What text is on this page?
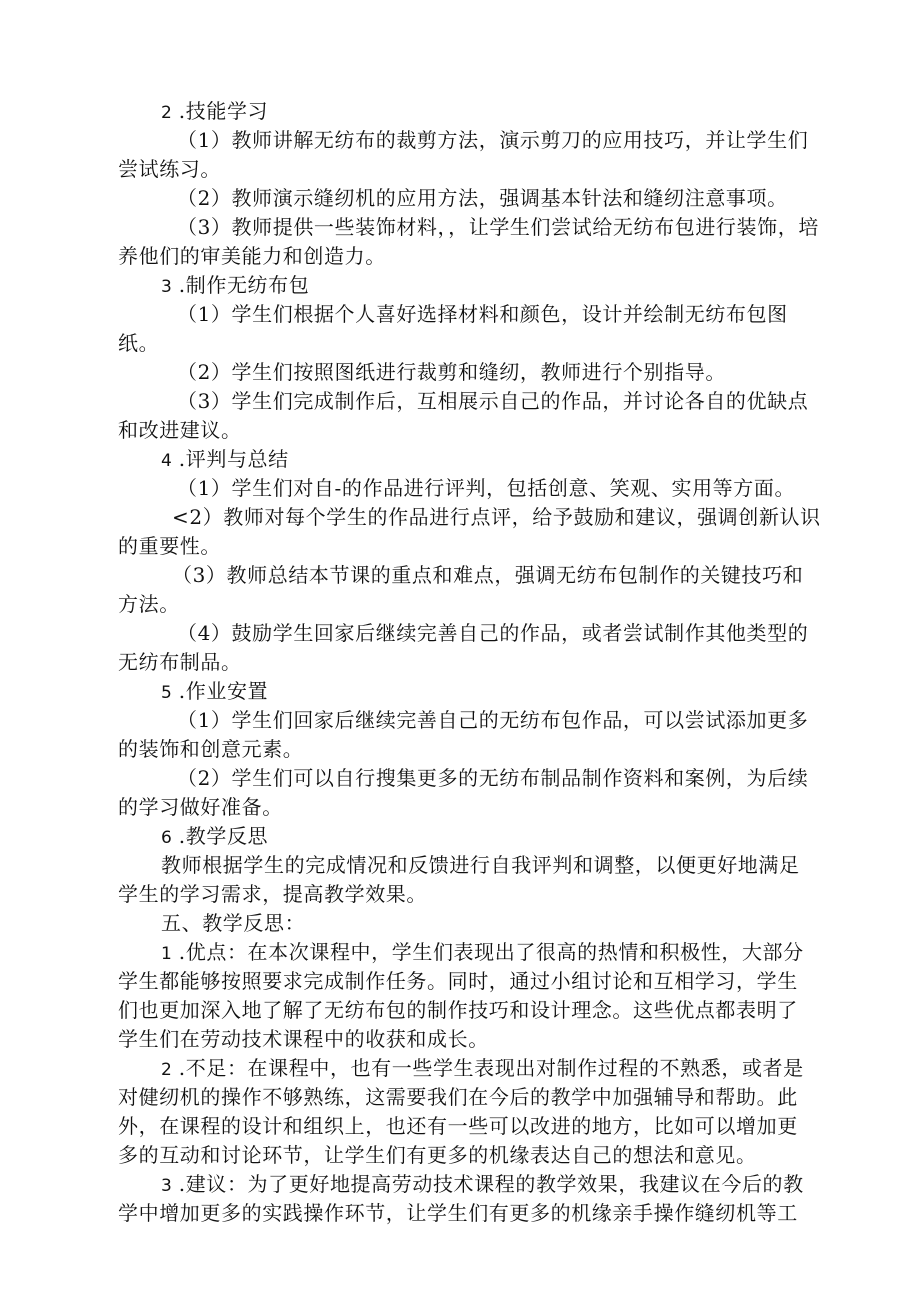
2 .技能学习
（1）教师讲解无纺布的裁剪方法，演示剪刀的应用技巧，并让学生们
尝试练习。
（2）教师演示缝纫机的应用方法，强调基本针法和缝纫注意事项。
（3）教师提供一些装饰材料，，让学生们尝试给无纺布包进行装饰，培
养他们的审美能力和创造力。
3 .制作无纺布包
（1）学生们根据个人喜好选择材料和颜色，设计并绘制无纺布包图
纸。
（2）学生们按照图纸进行裁剪和缝纫，教师进行个别指导。
（3）学生们完成制作后，互相展示自己的作品，并讨论各自的优缺点
和改进建议。
4 .评判与总结
（1）学生们对自-的作品进行评判，包括创意、笑观、实用等方面。
<2）教师对每个学生的作品进行点评，给予鼓励和建议，强调创新认识
的重要性。
（3）教师总结本节课的重点和难点，强调无纺布包制作的关键技巧和
方法。
（4）鼓励学生回家后继续完善自己的作品，或者尝试制作其他类型的
无纺布制品。
5 .作业安置
（1）学生们回家后继续完善自己的无纺布包作品，可以尝试添加更多
的装饰和创意元素。
（2）学生们可以自行搜集更多的无纺布制品制作资料和案例，为后续
的学习做好准备。
6 .教学反思
教师根据学生的完成情况和反馈进行自我评判和调整，以便更好地满足
学生的学习需求，提高教学效果。
五、教学反思：
1 .优点：在本次课程中，学生们表现出了很高的热情和积极性，大部分
学生都能够按照要求完成制作任务。同时，通过小组讨论和互相学习，学生
们也更加深入地了解了无纺布包的制作技巧和设计理念。这些优点都表明了
学生们在劳动技术课程中的收获和成长。
2 .不足：在课程中，也有一些学生表现出对制作过程的不熟悉，或者是
对健纫机的操作不够熟练，这需要我们在今后的教学中加强辅导和帮助。此
外，在课程的设计和组织上，也还有一些可以改进的地方，比如可以增加更
多的互动和讨论环节，让学生们有更多的机缘表达自己的想法和意见。
3 .建议：为了更好地提高劳动技术课程的教学效果，我建议在今后的教
学中增加更多的实践操作环节，让学生们有更多的机缘亲手操作缝纫机等工
